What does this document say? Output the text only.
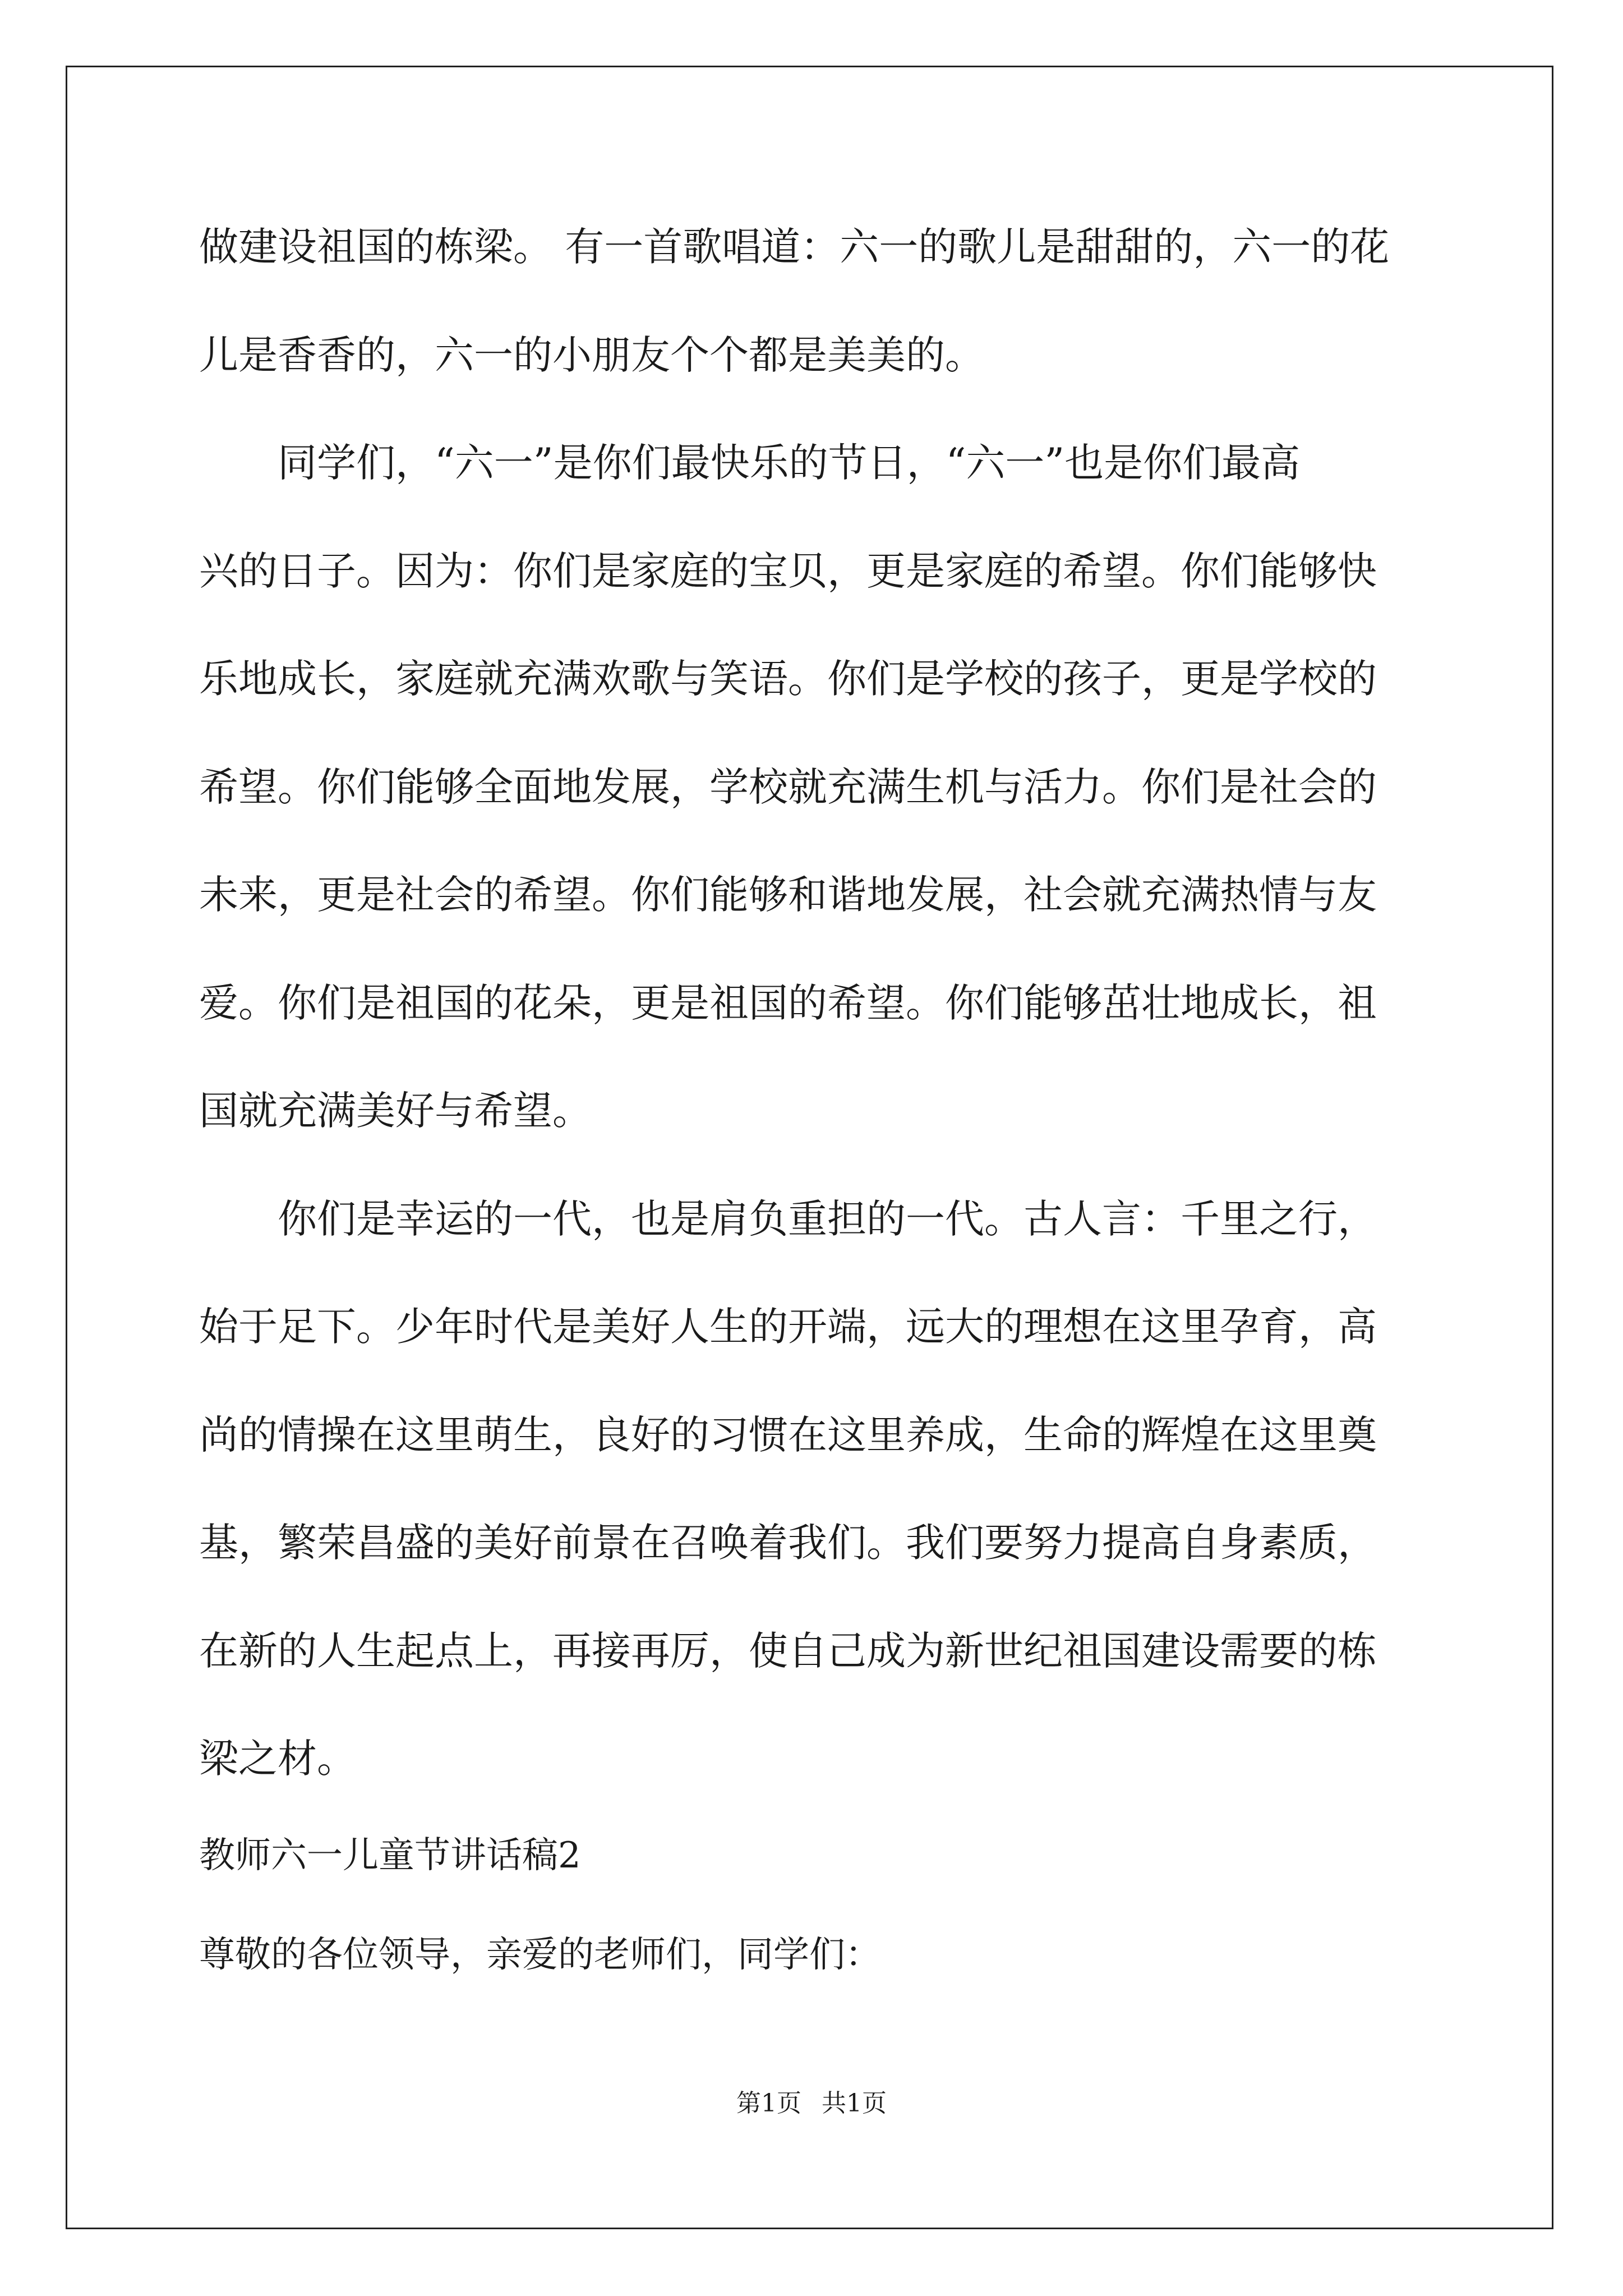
做建设祖国的栋梁。 有一首歌唱道：六一的歌儿是甜甜的，六一的花
儿是香香的，六一的小朋友个个都是美美的。
　　同学们，“六一”是你们最快乐的节日，“六一”也是你们最高
兴的日子。因为：你们是家庭的宝贝，更是家庭的希望。你们能够快
乐地成长，家庭就充满欢歌与笑语。你们是学校的孩子，更是学校的
希望。你们能够全面地发展，学校就充满生机与活力。你们是社会的
未来，更是社会的希望。你们能够和谐地发展，社会就充满热情与友
爱。你们是祖国的花朵，更是祖国的希望。你们能够茁壮地成长，祖
国就充满美好与希望。
　　你们是幸运的一代，也是肩负重担的一代。古人言：千里之行，
始于足下。少年时代是美好人生的开端，远大的理想在这里孕育，高
尚的情操在这里萌生，良好的习惯在这里养成，生命的辉煌在这里奠
基，繁荣昌盛的美好前景在召唤着我们。我们要努力提高自身素质，
在新的人生起点上，再接再厉，使自己成为新世纪祖国建设需要的栋
梁之材。
教师六一儿童节讲话稿2
尊敬的各位领导，亲爱的老师们，同学们：
第1页 共1页
